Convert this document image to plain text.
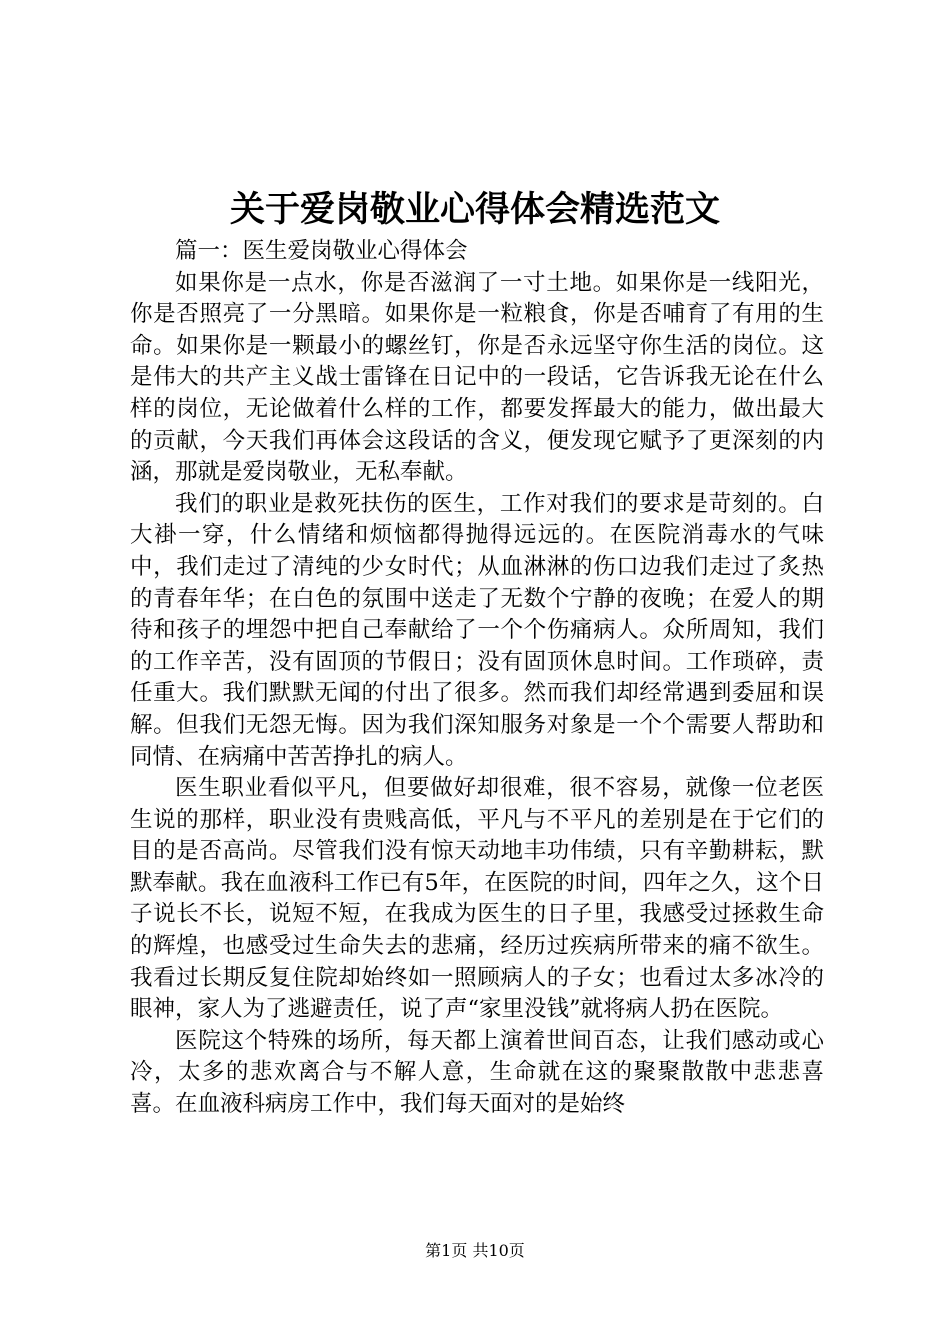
关于爱岗敬业心得体会精选范文

篇一：医生爱岗敬业心得体会

如果你是一点水，你是否滋润了一寸土地。如果你是一线阳光，你是否照亮了一分黑暗。如果你是一粒粮食，你是否哺育了有用的生命。如果你是一颗最小的螺丝钉，你是否永远坚守你生活的岗位。这是伟大的共产主义战士雷锋在日记中的一段话，它告诉我无论在什么样的岗位，无论做着什么样的工作，都要发挥最大的能力，做出最大的贡献，今天我们再体会这段话的含义，便发现它赋予了更深刻的内涵，那就是爱岗敬业，无私奉献。

我们的职业是救死扶伤的医生，工作对我们的要求是苛刻的。白大褂一穿，什么情绪和烦恼都得抛得远远的。在医院消毒水的气味中，我们走过了清纯的少女时代；从血淋淋的伤口边我们走过了炙热的青春年华；在白色的氛围中送走了无数个宁静的夜晚；在爱人的期待和孩子的埋怨中把自己奉献给了一个个伤痛病人。众所周知，我们的工作辛苦，没有固顶的节假日；没有固顶休息时间。工作琐碎，责任重大。我们默默无闻的付出了很多。然而我们却经常遇到委屈和误解。但我们无怨无悔。因为我们深知服务对象是一个个需要人帮助和同情、在病痛中苦苦挣扎的病人。

医生职业看似平凡，但要做好却很难，很不容易，就像一位老医生说的那样，职业没有贵贱高低，平凡与不平凡的差别是在于它们的目的是否高尚。尽管我们没有惊天动地丰功伟绩，只有辛勤耕耘，默默奉献。我在血液科工作已有5年，在医院的时间，四年之久，这个日子说长不长，说短不短，在我成为医生的日子里，我感受过拯救生命的辉煌，也感受过生命失去的悲痛，经历过疾病所带来的痛不欲生。我看过长期反复住院却始终如一照顾病人的子女；也看过太多冰冷的眼神，家人为了逃避责任，说了声“家里没钱”就将病人扔在医院。

医院这个特殊的场所，每天都上演着世间百态，让我们感动或心冷，太多的悲欢离合与不解人意，生命就在这的聚聚散散中悲悲喜喜。在血液科病房工作中，我们每天面对的是始终

第1页 共10页
